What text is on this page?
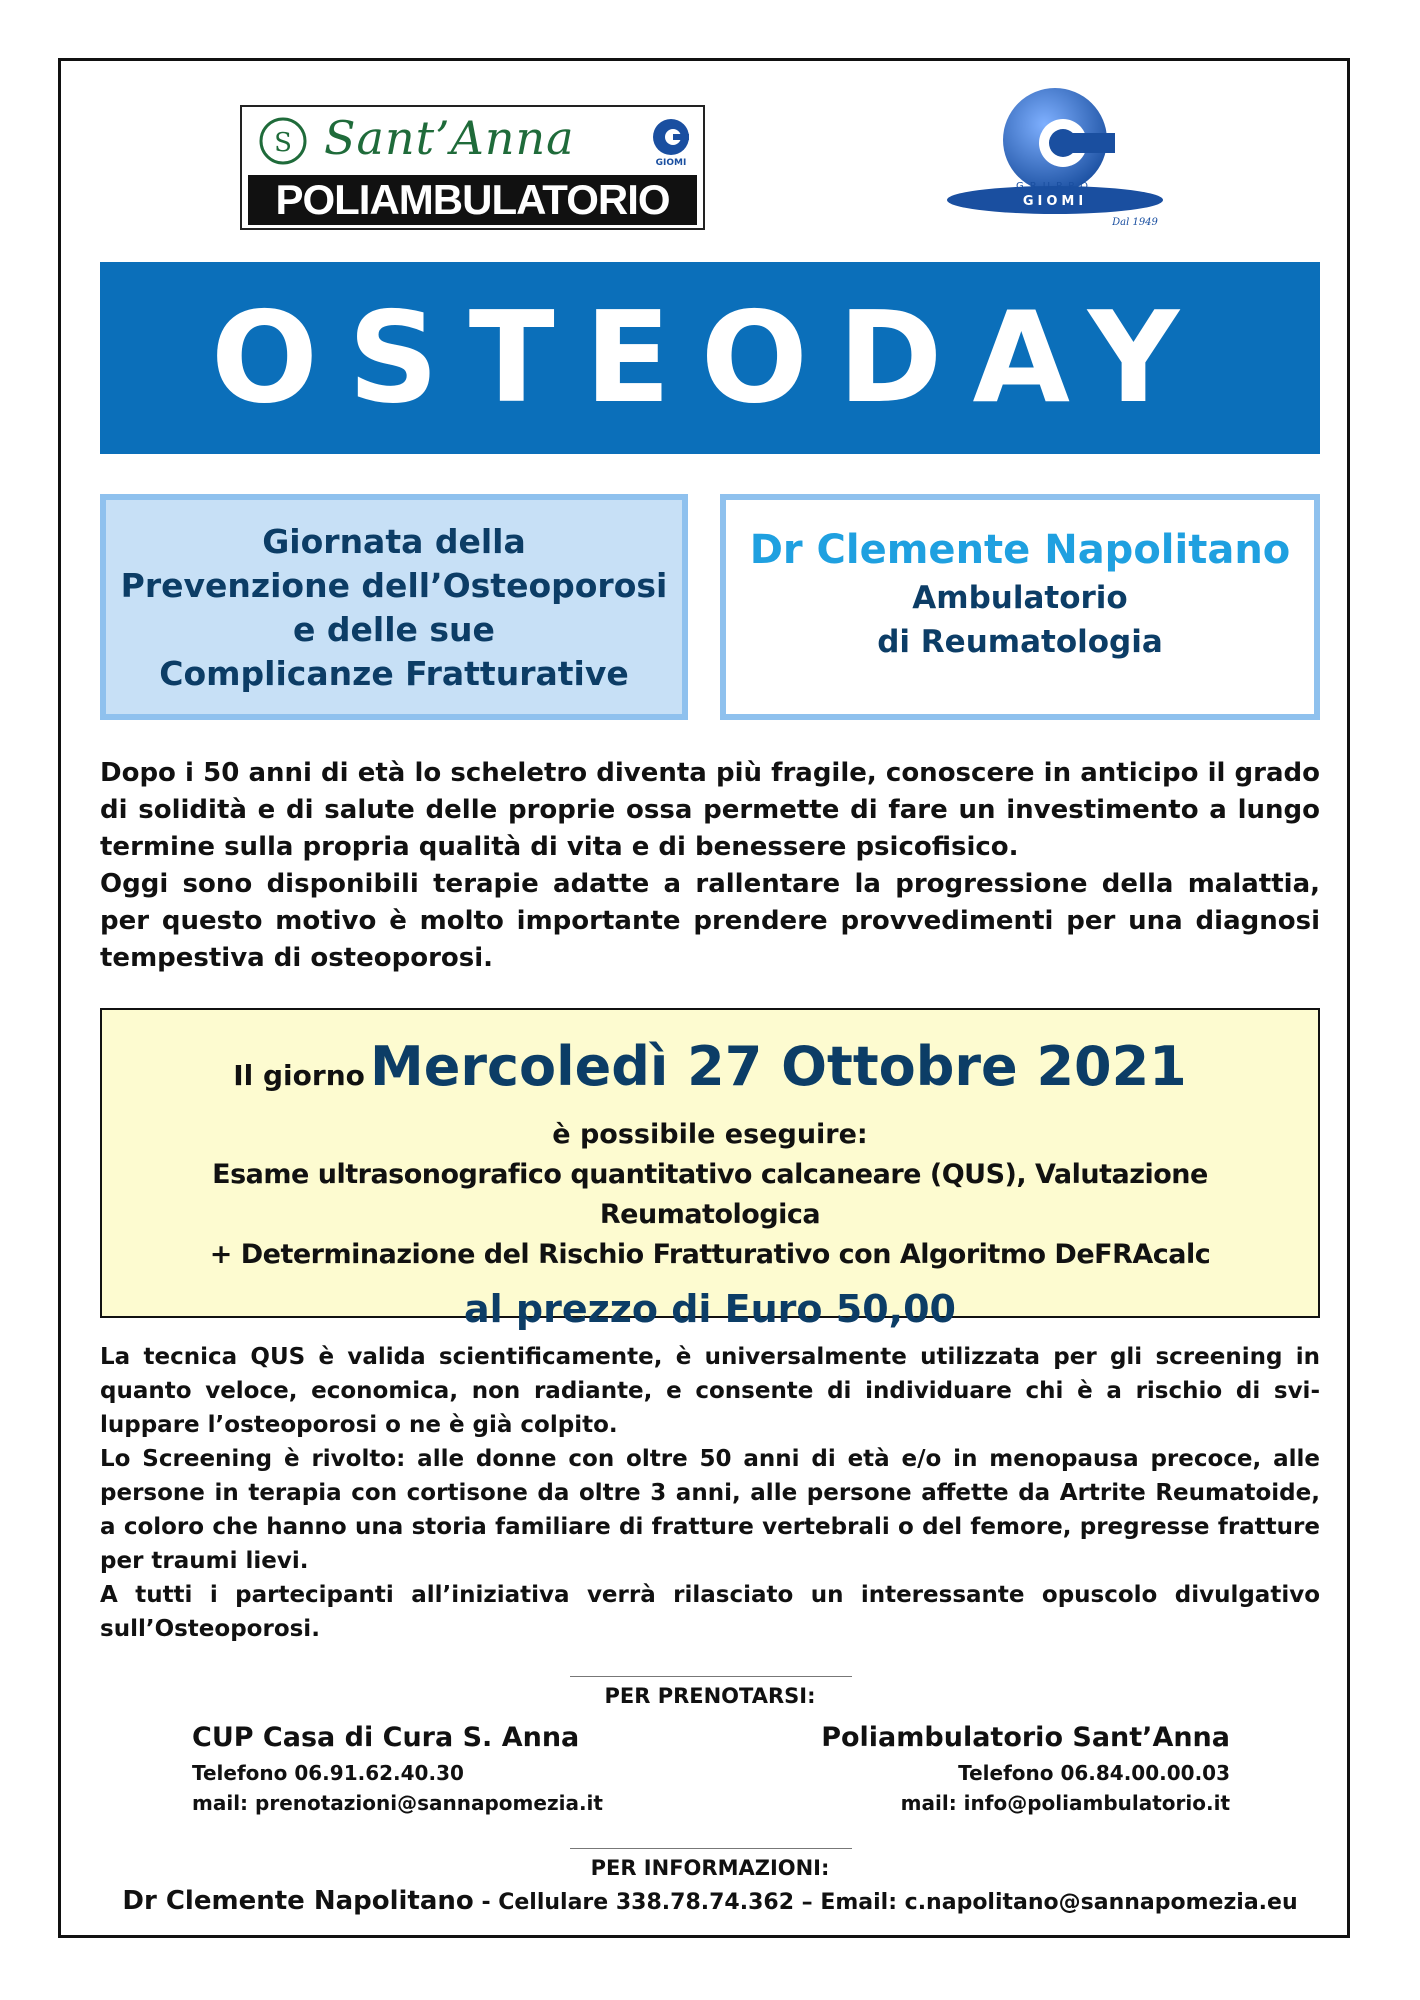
S Sant’Anna	GIOMI
POLIAMBULATORIO	GRUPPO
GIOMI
Dal 1949
OSTEODAY
Giornata della
Prevenzione dell’Osteoporosi
e delle sue
Complicanze Fratturative
Dr Clemente Napolitano
Ambulatorio
di Reumatologia
Dopo i 50 anni di età lo scheletro diventa più fragile, conoscere in anticipo il grado di solidità e di salute delle proprie ossa permette di fare un investimento a lungo termine sulla propria qualità di vita e di benessere psicofisico.
Oggi sono disponibili terapie adatte a rallentare la progressione della malattia, per questo motivo è molto importante prendere provvedimenti per una diagnosi tempestiva di osteoporosi.
Il giorno Mercoledì 27 Ottobre 2021
è possibile eseguire:
Esame ultrasonografico quantitativo calcaneare (QUS), Valutazione Reumatologica
+ Determinazione del Rischio Fratturativo con Algoritmo DeFRAcalc
al prezzo di Euro 50,00
La tecnica QUS è valida scientificamente, è universalmente utilizzata per gli screening in quanto veloce, economica, non radiante, e consente di individuare chi è a rischio di sviluppare l’osteoporosi o ne è già colpito.
Lo Screening è rivolto: alle donne con oltre 50 anni di età e/o in menopausa precoce, alle persone in terapia con cortisone da oltre 3 anni, alle persone affette da Artrite Reumatoide, a coloro che hanno una storia familiare di fratture vertebrali o del femore, pregresse fratture per traumi lievi.
A tutti i partecipanti all’iniziativa verrà rilasciato un interessante opuscolo divulgativo sull’Osteoporosi.
PER PRENOTARSI:
CUP Casa di Cura S. Anna
Telefono 06.91.62.40.30
mail: prenotazioni@sannapomezia.it
Poliambulatorio Sant’Anna
Telefono 06.84.00.00.03
mail: info@poliambulatorio.it
PER INFORMAZIONI:
Dr Clemente Napolitano - Cellulare 338.78.74.362 – Email: c.napolitano@sannapomezia.eu
